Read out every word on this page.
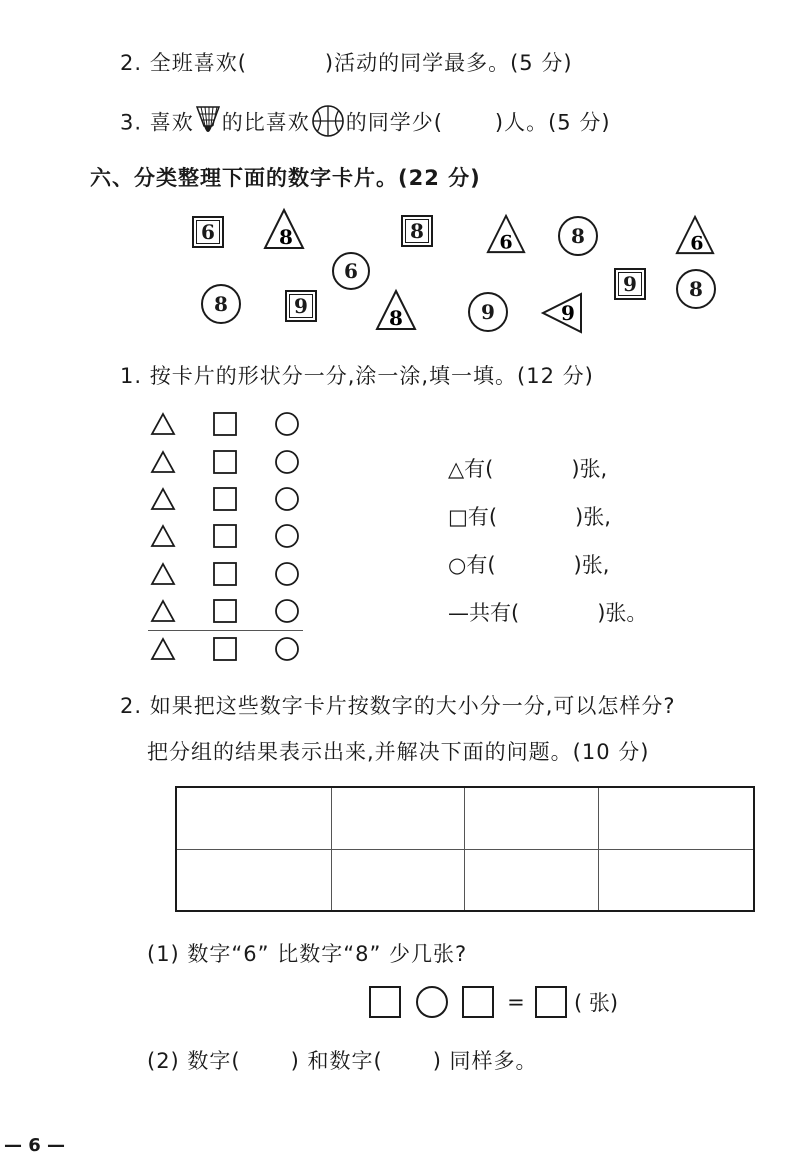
2. 全班喜欢(	)活动的同学最多。(5 分)
3. 喜欢 的比喜欢 的同学少( )人。(5 分)
六、分类整理下面的数字卡片。(22 分)
6	8
6
8	6	8	6
8	9	8	9	9
9	8
1. 按卡片的形状分一分,涂一涂,填一填。(12 分)
△有(	)张,
□有(	)张,
○有(	)张,
—共有(	)张。
2. 如果把这些数字卡片按数字的大小分一分,可以怎样分?
把分组的结果表示出来,并解决下面的问题。(10 分)

(1) 数字“6” 比数字“8” 少几张?
= ( 张)
(2) 数字( ) 和数字( ) 同样多。
— 6 —
